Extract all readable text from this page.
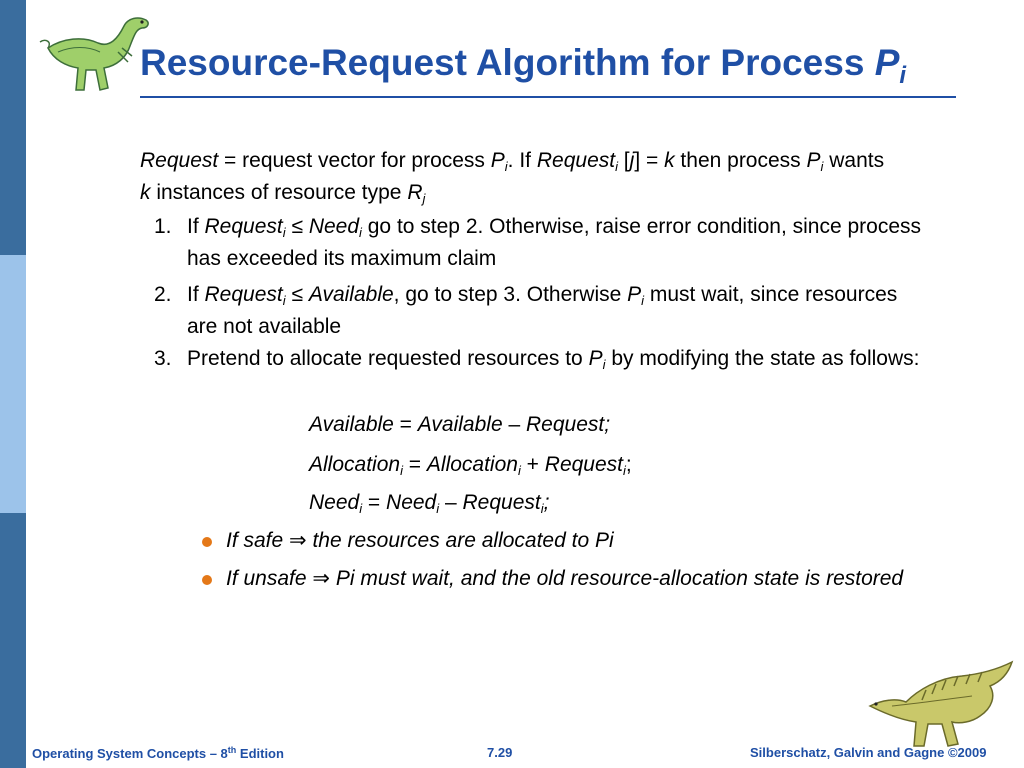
Resource-Request Algorithm for Process $P_i$
Request = request vector for process $P_i$. If Request$_i$ [j] = k then process $P_i$ wants k instances of resource type $R_j$
1. If Request$_i$ ≤ Need$_i$ go to step 2. Otherwise, raise error condition, since process has exceeded its maximum claim
2. If Request$_i$ ≤ Available, go to step 3. Otherwise $P_i$ must wait, since resources are not available
3. Pretend to allocate requested resources to $P_i$ by modifying the state as follows:
Available = Available – Request;
Allocation$_i$ = Allocation$_i$ + Request$_i$;
Need$_i$ = Need$_i$ – Request$_i$;
If safe ⇒ the resources are allocated to Pi
If unsafe ⇒ Pi must wait, and the old resource-allocation state is restored
Operating System Concepts – 8th Edition	7.29	Silberschatz, Galvin and Gagne ©2009
